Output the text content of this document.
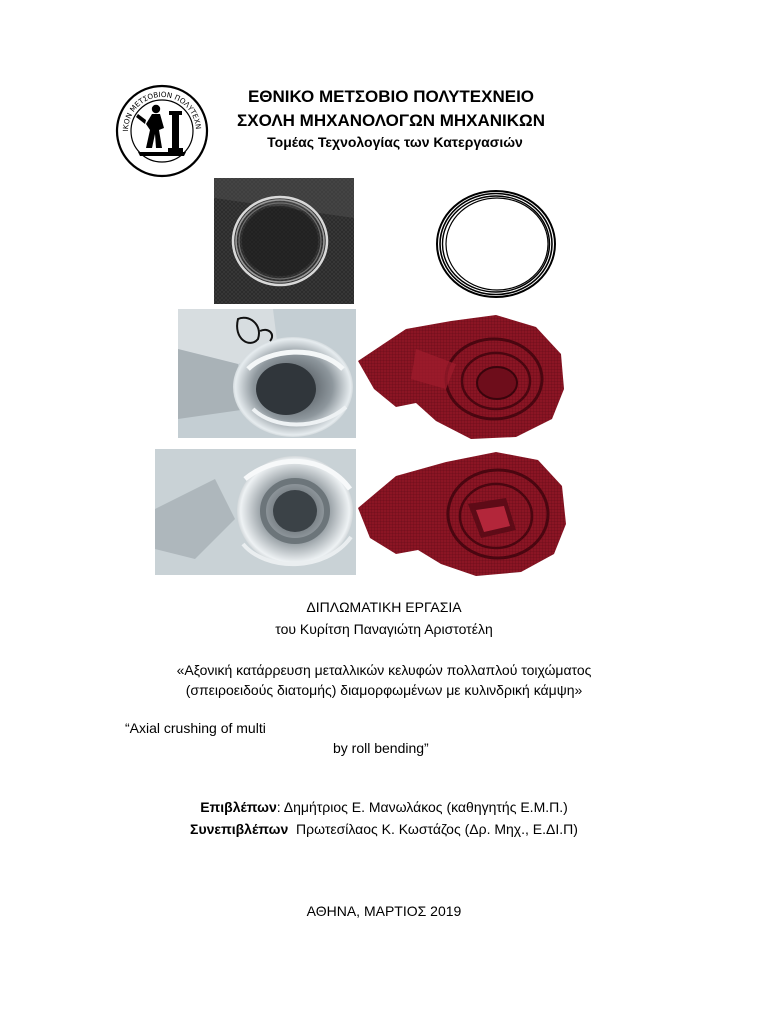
ΙΚΟΝ ΜΕΤΣΟΒΙΟΝ ΠΟΛΥΤΕΧΝ
ΕΘΝΙΚΟ ΜΕΤΣΟΒΙΟ ΠΟΛΥΤΕΧΝΕΙΟ
ΣΧΟΛΗ ΜΗΧΑΝΟΛΟΓΩΝ ΜΗΧΑΝΙΚΩΝ
Τομέας Τεχνολογίας των Κατεργασιών
ΔΙΠΛΩΜΑΤΙΚΗ ΕΡΓΑΣΙΑ
του Κυρίτση Παναγιώτη Αριστοτέλη
«Αξονική κατάρρευση μεταλλικών κελυφών πολλαπλού τοιχώματος
(σπειροειδούς διατομής) διαμορφωμένων με κυλινδρική κάμψη»
“Axial crushing of multi
by roll bending”
Επιβλέπων: Δημήτριος Ε. Μανωλάκος (καθηγητής Ε.Μ.Π.)
Συνεπιβλέπων  Πρωτεσίλαος Κ. Κωστάζος (Δρ. Μηχ., Ε.ΔΙ.Π)
ΑΘΗΝΑ, ΜΑΡΤΙΟΣ 2019
